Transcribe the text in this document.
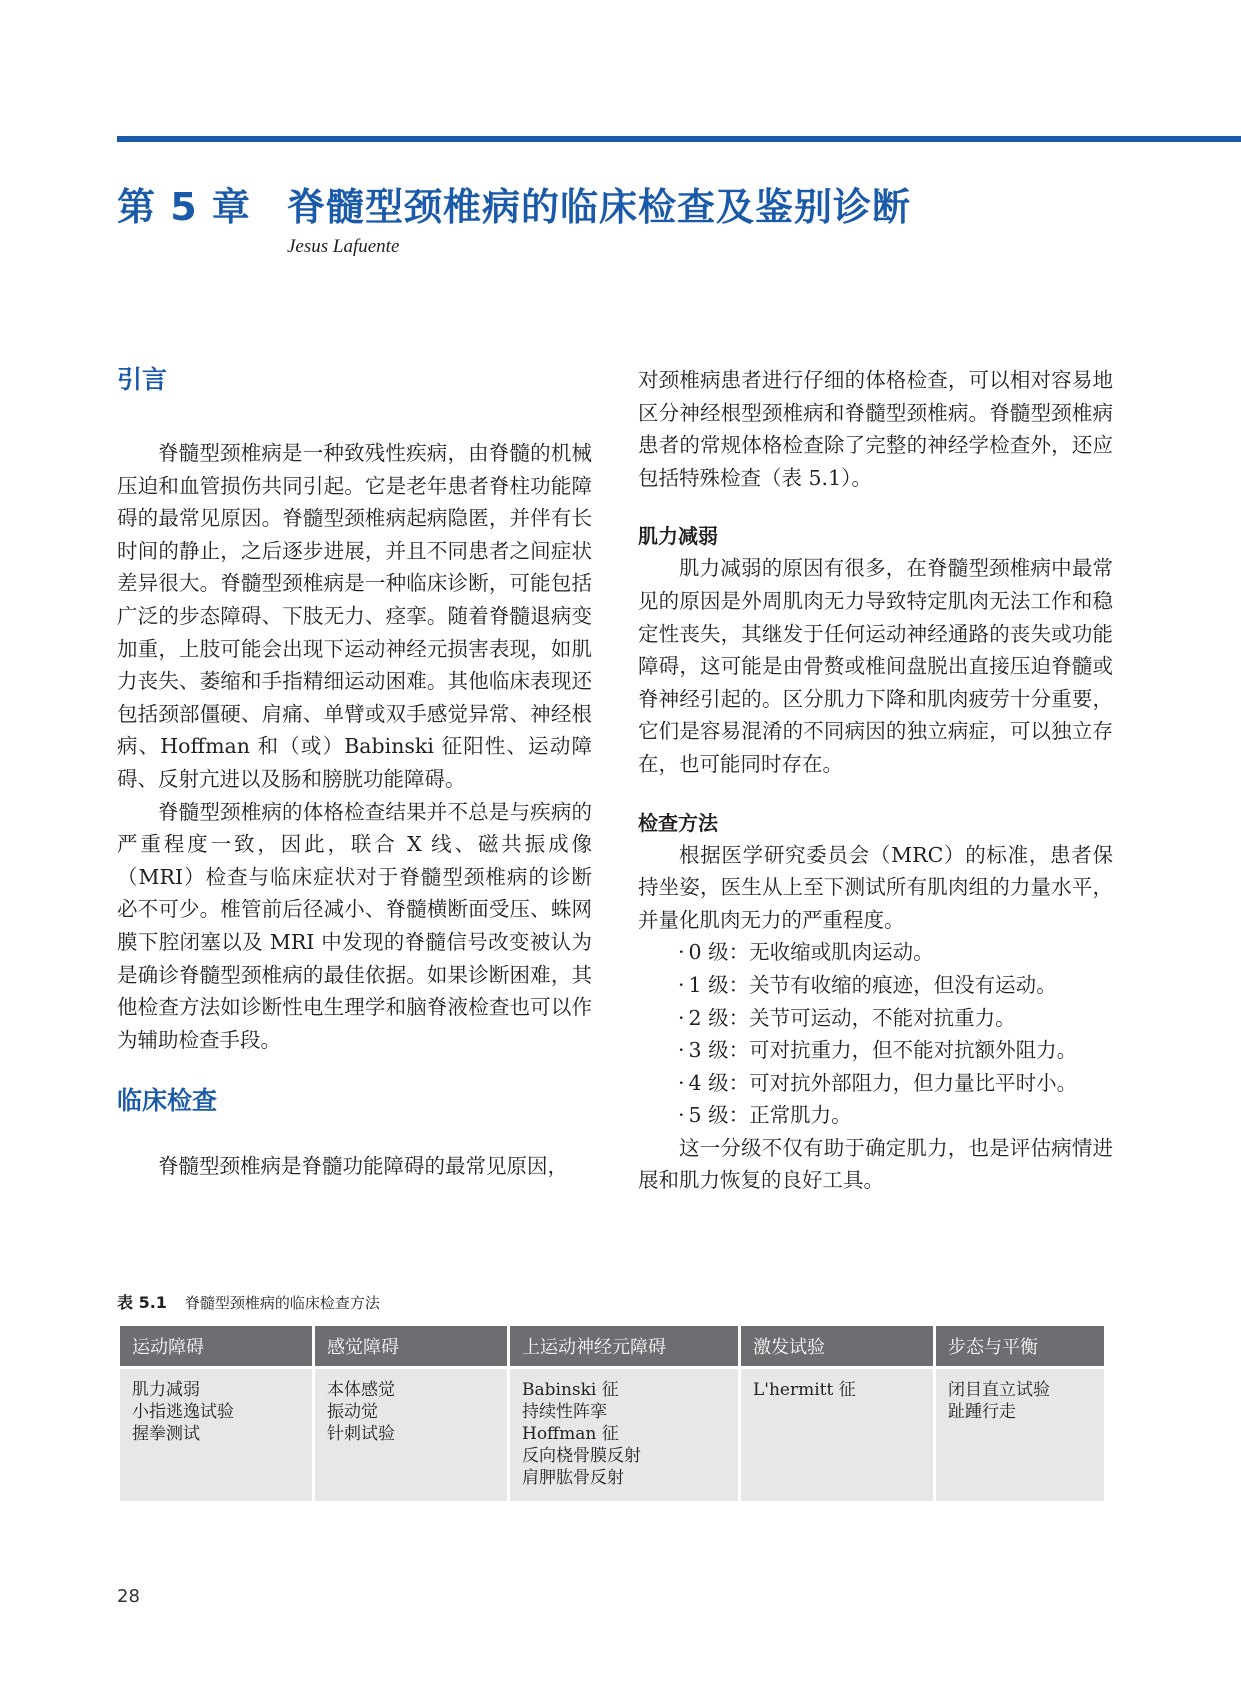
第 5 章 脊髓型颈椎病的临床检查及鉴别诊断
Jesus Lafuente
引言

脊髓型颈椎病是一种致残性疾病，由脊髓的机械压迫和血管损伤共同引起。它是老年患者脊柱功能障碍的最常见原因。脊髓型颈椎病起病隐匿，并伴有长时间的静止，之后逐步进展，并且不同患者之间症状差异很大。脊髓型颈椎病是一种临床诊断，可能包括广泛的步态障碍、下肢无力、痉挛。随着脊髓退病变加重，上肢可能会出现下运动神经元损害表现，如肌力丧失、萎缩和手指精细运动困难。其他临床表现还包括颈部僵硬、肩痛、单臂或双手感觉异常、神经根病、Hoffman 和（或）Babinski 征阳性、运动障碍、反射亢进以及肠和膀胱功能障碍。

脊髓型颈椎病的体格检查结果并不总是与疾病的严重程度一致，因此，联合 X 线、磁共振成像（MRI）检查与临床症状对于脊髓型颈椎病的诊断必不可少。椎管前后径减小、脊髓横断面受压、蛛网膜下腔闭塞以及 MRI 中发现的脊髓信号改变被认为是确诊脊髓型颈椎病的最佳依据。如果诊断困难，其他检查方法如诊断性电生理学和脑脊液检查也可以作为辅助检查手段。

临床检查

脊髓型颈椎病是脊髓功能障碍的最常见原因，

对颈椎病患者进行仔细的体格检查，可以相对容易地区分神经根型颈椎病和脊髓型颈椎病。脊髓型颈椎病患者的常规体格检查除了完整的神经学检查外，还应包括特殊检查（表 5.1）。

肌力减弱

肌力减弱的原因有很多，在脊髓型颈椎病中最常见的原因是外周肌肉无力导致特定肌肉无法工作和稳定性丧失，其继发于任何运动神经通路的丧失或功能障碍，这可能是由骨赘或椎间盘脱出直接压迫脊髓或脊神经引起的。区分肌力下降和肌肉疲劳十分重要，它们是容易混淆的不同病因的独立病症，可以独立存在，也可能同时存在。

检查方法

根据医学研究委员会（MRC）的标准，患者保持坐姿，医生从上至下测试所有肌肉组的力量水平，并量化肌肉无力的严重程度。

· 0 级：无收缩或肌肉运动。
· 1 级：关节有收缩的痕迹，但没有运动。
· 2 级：关节可运动，不能对抗重力。
· 3 级：可对抗重力，但不能对抗额外阻力。
· 4 级：可对抗外部阻力，但力量比平时小。
· 5 级：正常肌力。

这一分级不仅有助于确定肌力，也是评估病情进展和肌力恢复的良好工具。

表 5.1 脊髓型颈椎病的临床检查方法
运动障碍	感觉障碍	上运动神经元障碍	激发试验	步态与平衡

肌力减弱
小指逃逸试验
握拳测试	本体感觉
振动觉
针刺试验	Babinski 征
持续性阵挛
Hoffman 征
反向桡骨膜反射
肩胛肱骨反射	L'hermitt 征	闭目直立试验
趾踵行走
28
